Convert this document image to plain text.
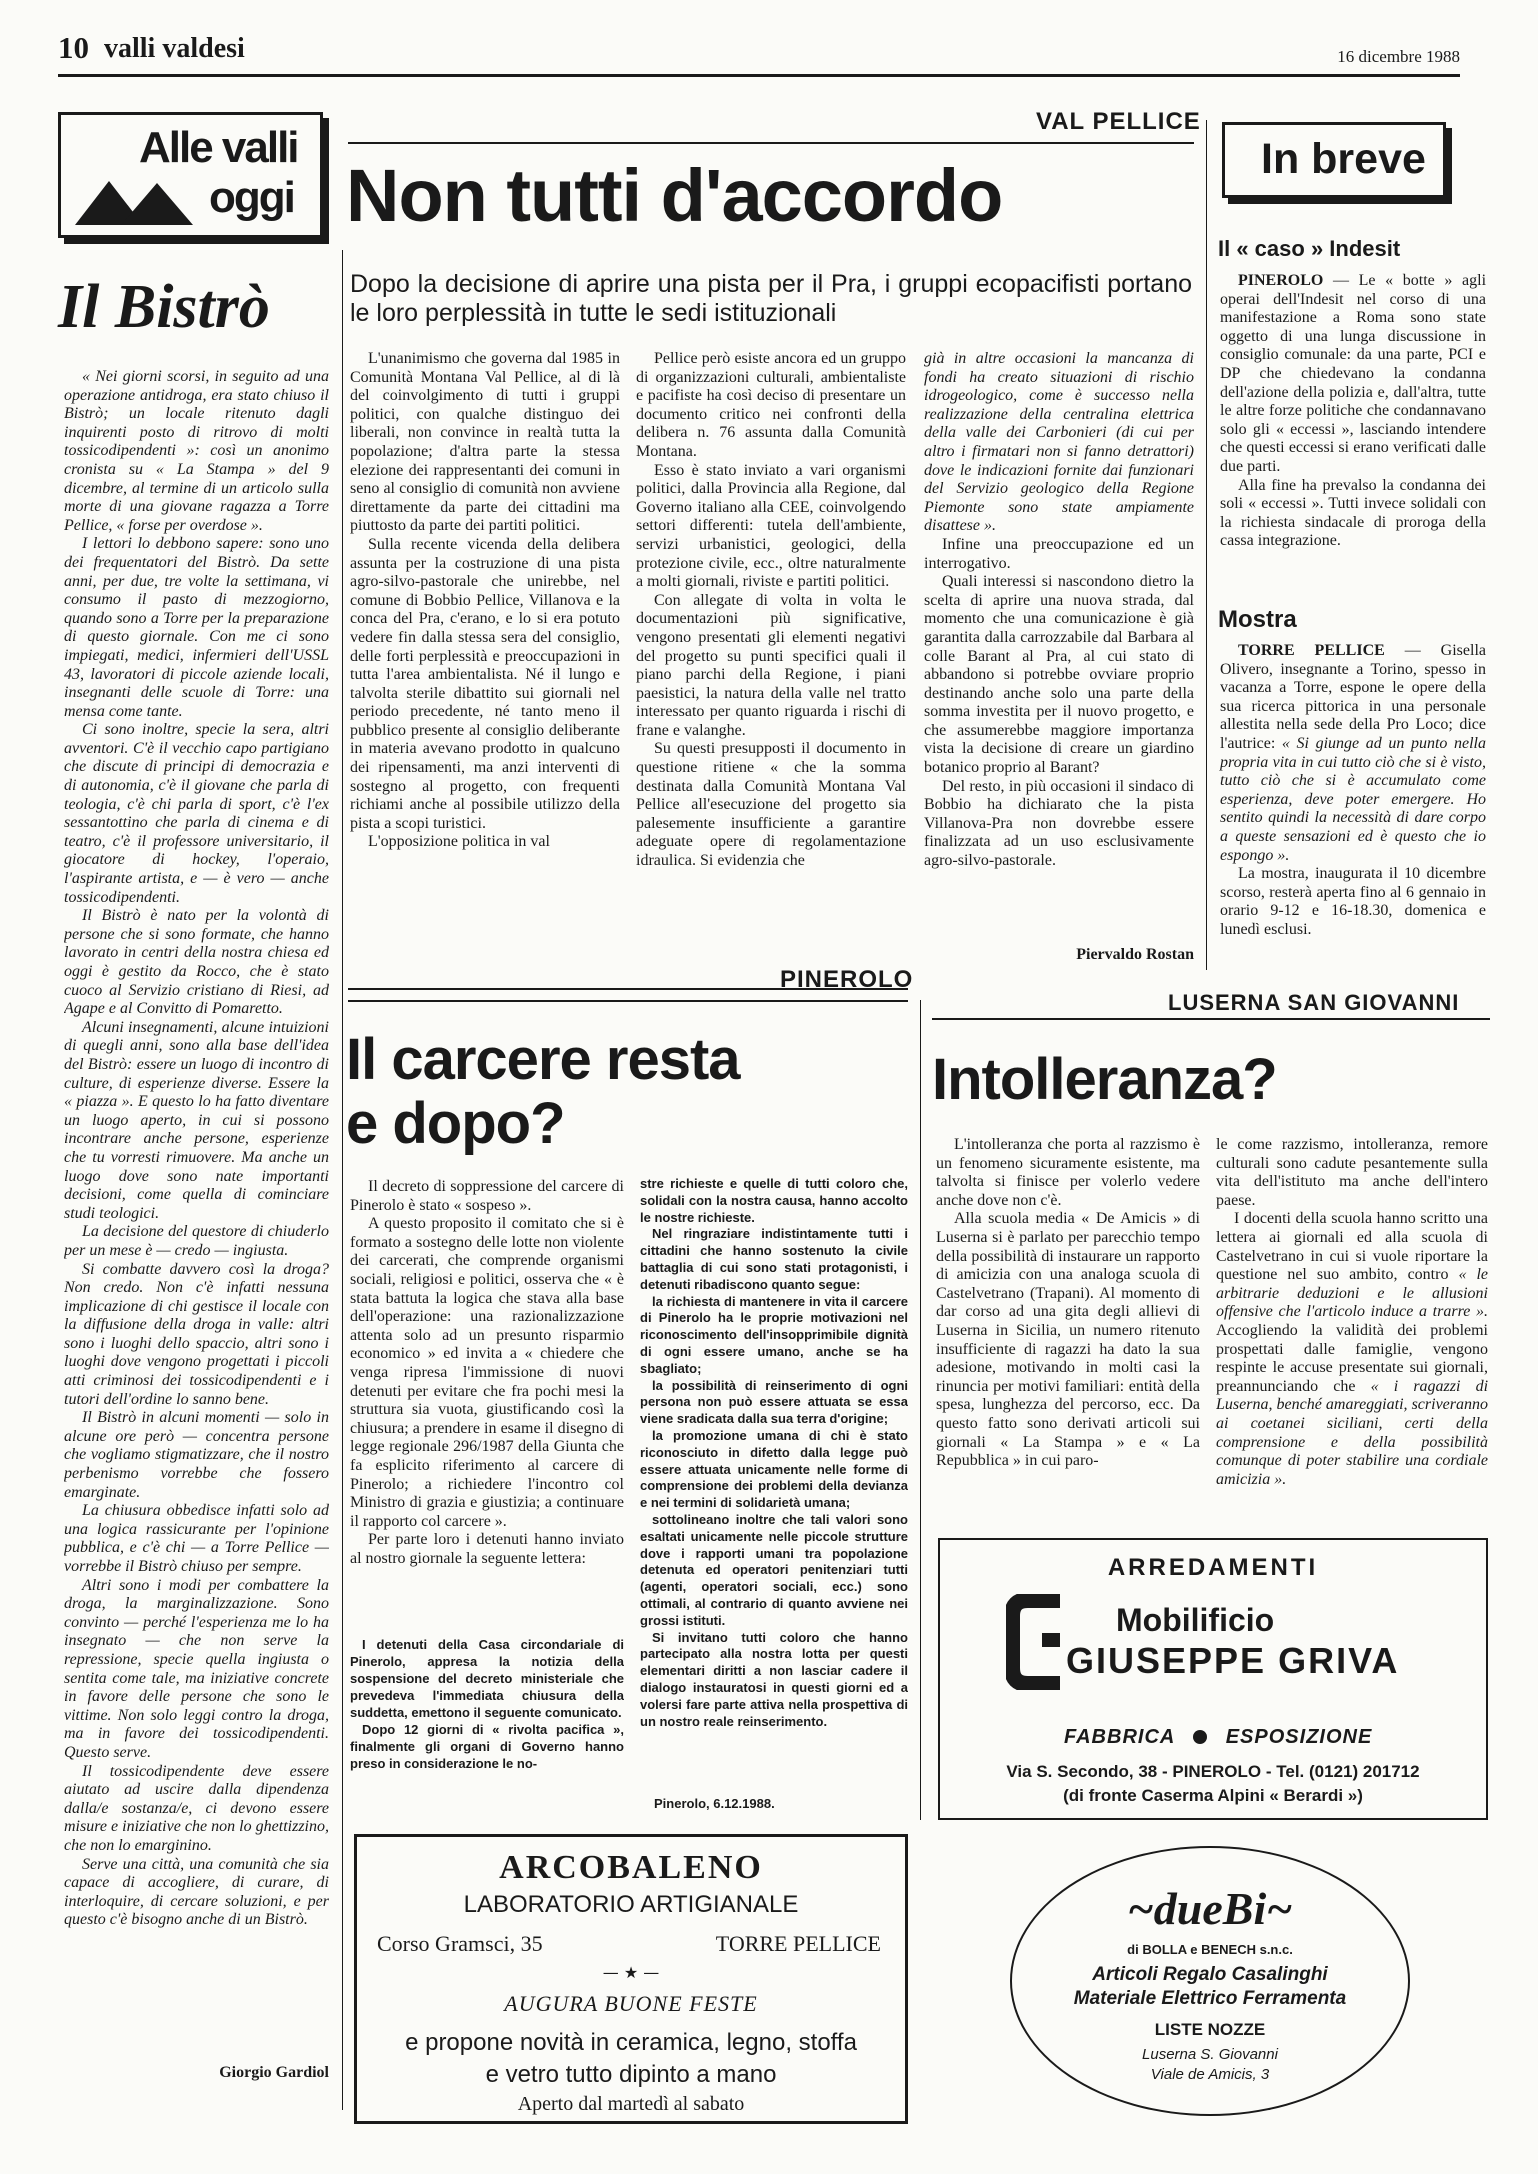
10 valli valdesi	16 dicembre 1988
Alle valli
oggi
Il Bistrò

« Nei giorni scorsi, in seguito ad una operazione antidroga, era stato chiuso il Bistrò; un locale ritenuto dagli inquirenti posto di ritrovo di molti tossicodipendenti »: così un anonimo cronista su « La Stampa » del 9 dicembre, al termine di un articolo sulla morte di una giovane ragazza a Torre Pellice, « forse per overdose ».

I lettori lo debbono sapere: sono uno dei frequentatori del Bistrò. Da sette anni, per due, tre volte la settimana, vi consumo il pasto di mezzogiorno, quando sono a Torre per la preparazione di questo giornale. Con me ci sono impiegati, medici, infermieri dell'USSL 43, lavoratori di piccole aziende locali, insegnanti delle scuole di Torre: una mensa come tante.

Ci sono inoltre, specie la sera, altri avventori. C'è il vecchio capo partigiano che discute di principi di democrazia e di autonomia, c'è il giovane che parla di teologia, c'è chi parla di sport, c'è l'ex sessantottino che parla di cinema e di teatro, c'è il professore universitario, il giocatore di hockey, l'operaio, l'aspirante artista, e — è vero — anche tossicodipendenti.

Il Bistrò è nato per la volontà di persone che si sono formate, che hanno lavorato in centri della nostra chiesa ed oggi è gestito da Rocco, che è stato cuoco al Servizio cristiano di Riesi, ad Agape e al Convitto di Pomaretto.

Alcuni insegnamenti, alcune intuizioni di quegli anni, sono alla base dell'idea del Bistrò: essere un luogo di incontro di culture, di esperienze diverse. Essere la « piazza ». E questo lo ha fatto diventare un luogo aperto, in cui si possono incontrare anche persone, esperienze che tu vorresti rimuovere. Ma anche un luogo dove sono nate importanti decisioni, come quella di cominciare studi teologici.

La decisione del questore di chiuderlo per un mese è — credo — ingiusta.

Si combatte davvero così la droga? Non credo. Non c'è infatti nessuna implicazione di chi gestisce il locale con la diffusione della droga in valle: altri sono i luoghi dello spaccio, altri sono i luoghi dove vengono progettati i piccoli atti criminosi dei tossicodipendenti e i tutori dell'ordine lo sanno bene.

Il Bistrò in alcuni momenti — solo in alcune ore però — concentra persone che vogliamo stigmatizzare, che il nostro perbenismo vorrebbe che fossero emarginate.

La chiusura obbedisce infatti solo ad una logica rassicurante per l'opinione pubblica, e c'è chi — a Torre Pellice — vorrebbe il Bistrò chiuso per sempre.

Altri sono i modi per combattere la droga, la marginalizzazione. Sono convinto — perché l'esperienza me lo ha insegnato — che non serve la repressione, specie quella ingiusta o sentita come tale, ma iniziative concrete in favore delle persone che sono le vittime. Non solo leggi contro la droga, ma in favore dei tossicodipendenti. Questo serve.

Il tossicodipendente deve essere aiutato ad uscire dalla dipendenza dalla/e sostanza/e, ci devono essere misure e iniziative che non lo ghettizzino, che non lo emarginino.

Serve una città, una comunità che sia capace di accogliere, di curare, di interloquire, di cercare soluzioni, e per questo c'è bisogno anche di un Bistrò.

Giorgio Gardiol
VAL PELLICE
Non tutti d'accordo
Dopo la decisione di aprire una pista per il Pra, i gruppi ecopacifisti portano le loro perplessità in tutte le sedi istituzionali

L'unanimismo che governa dal 1985 in Comunità Montana Val Pellice, al di là del coinvolgimento di tutti i gruppi politici, con qualche distinguo dei liberali, non convince in realtà tutta la popolazione; d'altra parte la stessa elezione dei rappresentanti dei comuni in seno al consiglio di comunità non avviene direttamente da parte dei cittadini ma piuttosto da parte dei partiti politici.

Sulla recente vicenda della delibera assunta per la costruzione di una pista agro-silvo-pastorale che unirebbe, nel comune di Bobbio Pellice, Villanova e la conca del Pra, c'erano, e lo si era potuto vedere fin dalla stessa sera del consiglio, delle forti perplessità e preoccupazioni in tutta l'area ambientalista. Né il lungo e talvolta sterile dibattito sui giornali nel periodo precedente, né tanto meno il pubblico presente al consiglio deliberante in materia avevano prodotto in qualcuno dei ripensamenti, ma anzi interventi di sostegno al progetto, con frequenti richiami anche al possibile utilizzo della pista a scopi turistici.

L'opposizione politica in val

Pellice però esiste ancora ed un gruppo di organizzazioni culturali, ambientaliste e pacifiste ha così deciso di presentare un documento critico nei confronti della delibera n. 76 assunta dalla Comunità Montana.

Esso è stato inviato a vari organismi politici, dalla Provincia alla Regione, dal Governo italiano alla CEE, coinvolgendo settori differenti: tutela dell'ambiente, servizi urbanistici, geologici, della protezione civile, ecc., oltre naturalmente a molti giornali, riviste e partiti politici.

Con allegate di volta in volta le documentazioni più significative, vengono presentati gli elementi negativi del progetto su punti specifici quali il piano parchi della Regione, i piani paesistici, la natura della valle nel tratto interessato per quanto riguarda i rischi di frane e valanghe.

Su questi presupposti il documento in questione ritiene « che la somma destinata dalla Comunità Montana Val Pellice all'esecuzione del progetto sia palesemente insufficiente a garantire adeguate opere di regolamentazione idraulica. Si evidenzia che

già in altre occasioni la mancanza di fondi ha creato situazioni di rischio idrogeologico, come è successo nella realizzazione della centralina elettrica della valle dei Carbonieri (di cui per altro i firmatari non si fanno detrattori) dove le indicazioni fornite dai funzionari del Servizio geologico della Regione Piemonte sono state ampiamente disattese ».

Infine una preoccupazione ed un interrogativo.

Quali interessi si nascondono dietro la scelta di aprire una nuova strada, dal momento che una comunicazione è già garantita dalla carrozzabile dal Barbara al colle Barant al Pra, al cui stato di abbandono si potrebbe ovviare proprio destinando anche solo una parte della somma investita per il nuovo progetto, e che assumerebbe maggiore importanza vista la decisione di creare un giardino botanico proprio al Barant?

Del resto, in più occasioni il sindaco di Bobbio ha dichiarato che la pista Villanova-Pra non dovrebbe essere finalizzata ad un uso esclusivamente agro-silvo-pastorale.

Piervaldo Rostan
In breve
Il « caso » Indesit

PINEROLO — Le « botte » agli operai dell'Indesit nel corso di una manifestazione a Roma sono state oggetto di una lunga discussione in consiglio comunale: da una parte, PCI e DP che chiedevano la condanna dell'azione della polizia e, dall'altra, tutte le altre forze politiche che condannavano solo gli « eccessi », lasciando intendere che questi eccessi si erano verificati dalle due parti.

Alla fine ha prevalso la condanna dei soli « eccessi ». Tutti invece solidali con la richiesta sindacale di proroga della cassa integrazione.

Mostra

TORRE PELLICE — Gisella Olivero, insegnante a Torino, spesso in vacanza a Torre, espone le opere della sua ricerca pittorica in una personale allestita nella sede della Pro Loco; dice l'autrice: « Si giunge ad un punto nella propria vita in cui tutto ciò che si è visto, tutto ciò che si è accumulato come esperienza, deve poter emergere. Ho sentito quindi la necessità di dare corpo a queste sensazioni ed è questo che io espongo ».

La mostra, inaugurata il 10 dicembre scorso, resterà aperta fino al 6 gennaio in orario 9-12 e 16-18.30, domenica e lunedì esclusi.

PINEROLO
Il carcere resta
e dopo?

Il decreto di soppressione del carcere di Pinerolo è stato « sospeso ».

A questo proposito il comitato che si è formato a sostegno delle lotte non violente dei carcerati, che comprende organismi sociali, religiosi e politici, osserva che « è stata battuta la logica che stava alla base dell'operazione: una razionalizzazione attenta solo ad un presunto risparmio economico » ed invita a « chiedere che venga ripresa l'immissione di nuovi detenuti per evitare che fra pochi mesi la struttura sia vuota, giustificando così la chiusura; a prendere in esame il disegno di legge regionale 296/1987 della Giunta che fa esplicito riferimento al carcere di Pinerolo; a richiedere l'incontro col Ministro di grazia e giustizia; a continuare il rapporto col carcere ».

Per parte loro i detenuti hanno inviato al nostro giornale la seguente lettera:

I detenuti della Casa circondariale di Pinerolo, appresa la notizia della sospensione del decreto ministeriale che prevedeva l'immediata chiusura della suddetta, emettono il seguente comunicato.

Dopo 12 giorni di « rivolta pacifica », finalmente gli organi di Governo hanno preso in considerazione le no-

stre richieste e quelle di tutti coloro che, solidali con la nostra causa, hanno accolto le nostre richieste.

Nel ringraziare indistintamente tutti i cittadini che hanno sostenuto la civile battaglia di cui sono stati protagonisti, i detenuti ribadiscono quanto segue:

la richiesta di mantenere in vita il carcere di Pinerolo ha le proprie motivazioni nel riconoscimento dell'insopprimibile dignità di ogni essere umano, anche se ha sbagliato;

la possibilità di reinserimento di ogni persona non può essere attuata se essa viene sradicata dalla sua terra d'origine;

la promozione umana di chi è stato riconosciuto in difetto dalla legge può essere attuata unicamente nelle forme di comprensione dei problemi della devianza e nei termini di solidarietà umana;

sottolineano inoltre che tali valori sono esaltati unicamente nelle piccole strutture dove i rapporti umani tra popolazione detenuta ed operatori penitenziari tutti (agenti, operatori sociali, ecc.) sono ottimali, al contrario di quanto avviene nei grossi istituti.

Si invitano tutti coloro che hanno partecipato alla nostra lotta per questi elementari diritti a non lasciar cadere il dialogo instauratosi in questi giorni ed a volersi fare parte attiva nella prospettiva di un nostro reale reinserimento.

Pinerolo, 6.12.1988.
LUSERNA SAN GIOVANNI
Intolleranza?

L'intolleranza che porta al razzismo è un fenomeno sicuramente esistente, ma talvolta si finisce per volerlo vedere anche dove non c'è.

Alla scuola media « De Amicis » di Luserna si è parlato per parecchio tempo della possibilità di instaurare un rapporto di amicizia con una analoga scuola di Castelvetrano (Trapani). Al momento di dar corso ad una gita degli allievi di Luserna in Sicilia, un numero ritenuto insufficiente di ragazzi ha dato la sua adesione, motivando in molti casi la rinuncia per motivi familiari: entità della spesa, lunghezza del percorso, ecc. Da questo fatto sono derivati articoli sui giornali « La Stampa » e « La Repubblica » in cui paro-

le come razzismo, intolleranza, remore culturali sono cadute pesantemente sulla vita dell'istituto ma anche dell'intero paese.

I docenti della scuola hanno scritto una lettera ai giornali ed alla scuola di Castelvetrano in cui si vuole riportare la questione nel suo ambito, contro « le arbitrarie deduzioni e le allusioni offensive che l'articolo induce a trarre ». Accogliendo la validità dei problemi prospettati dalle famiglie, vengono respinte le accuse presentate sui giornali, preannunciando che « i ragazzi di Luserna, benché amareggiati, scriveranno ai coetanei siciliani, certi della comprensione e della possibilità comunque di poter stabilire una cordiale amicizia ».

ARREDAMENTI
Mobilificio
GIUSEPPE GRIVA
FABBRICA	ESPOSIZIONE
Via S. Secondo, 38 - PINEROLO - Tel. (0121) 201712
(di fronte Caserma Alpini « Berardi »)
ARCOBALENO
LABORATORIO ARTIGIANALE
Corso Gramsci, 35	TORRE PELLICE
— ★ —
AUGURA BUONE FESTE
e propone novità in ceramica, legno, stoffa
e vetro tutto dipinto a mano
Aperto dal martedì al sabato
~dueBi~
di BOLLA e BENECH s.n.c.
Articoli Regalo Casalinghi
Materiale Elettrico Ferramenta
LISTE NOZZE
Luserna S. Giovanni
Viale de Amicis, 3
